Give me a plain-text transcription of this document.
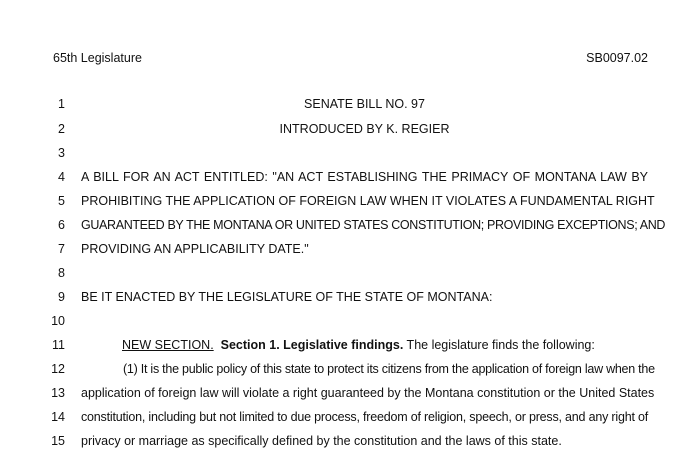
65th Legislature	SB0097.02
1	SENATE BILL NO. 97
2	INTRODUCED BY K. REGIER
3
4 A BILL FOR AN ACT ENTITLED: "AN ACT ESTABLISHING THE PRIMACY OF MONTANA LAW BY
5 PROHIBITING THE APPLICATION OF FOREIGN LAW WHEN IT VIOLATES A FUNDAMENTAL RIGHT
6 GUARANTEED BY THE MONTANA OR UNITED STATES CONSTITUTION; PROVIDING EXCEPTIONS; AND
7 PROVIDING AN APPLICABILITY DATE."
8
9 BE IT ENACTED BY THE LEGISLATURE OF THE STATE OF MONTANA:
10
11	NEW SECTION. Section 1. Legislative findings. The legislature finds the following:
12	(1) It is the public policy of this state to protect its citizens from the application of foreign law when the
13 application of foreign law will violate a right guaranteed by the Montana constitution or the United States
14 constitution, including but not limited to due process, freedom of religion, speech, or press, and any right of
15 privacy or marriage as specifically defined by the constitution and the laws of this state.
